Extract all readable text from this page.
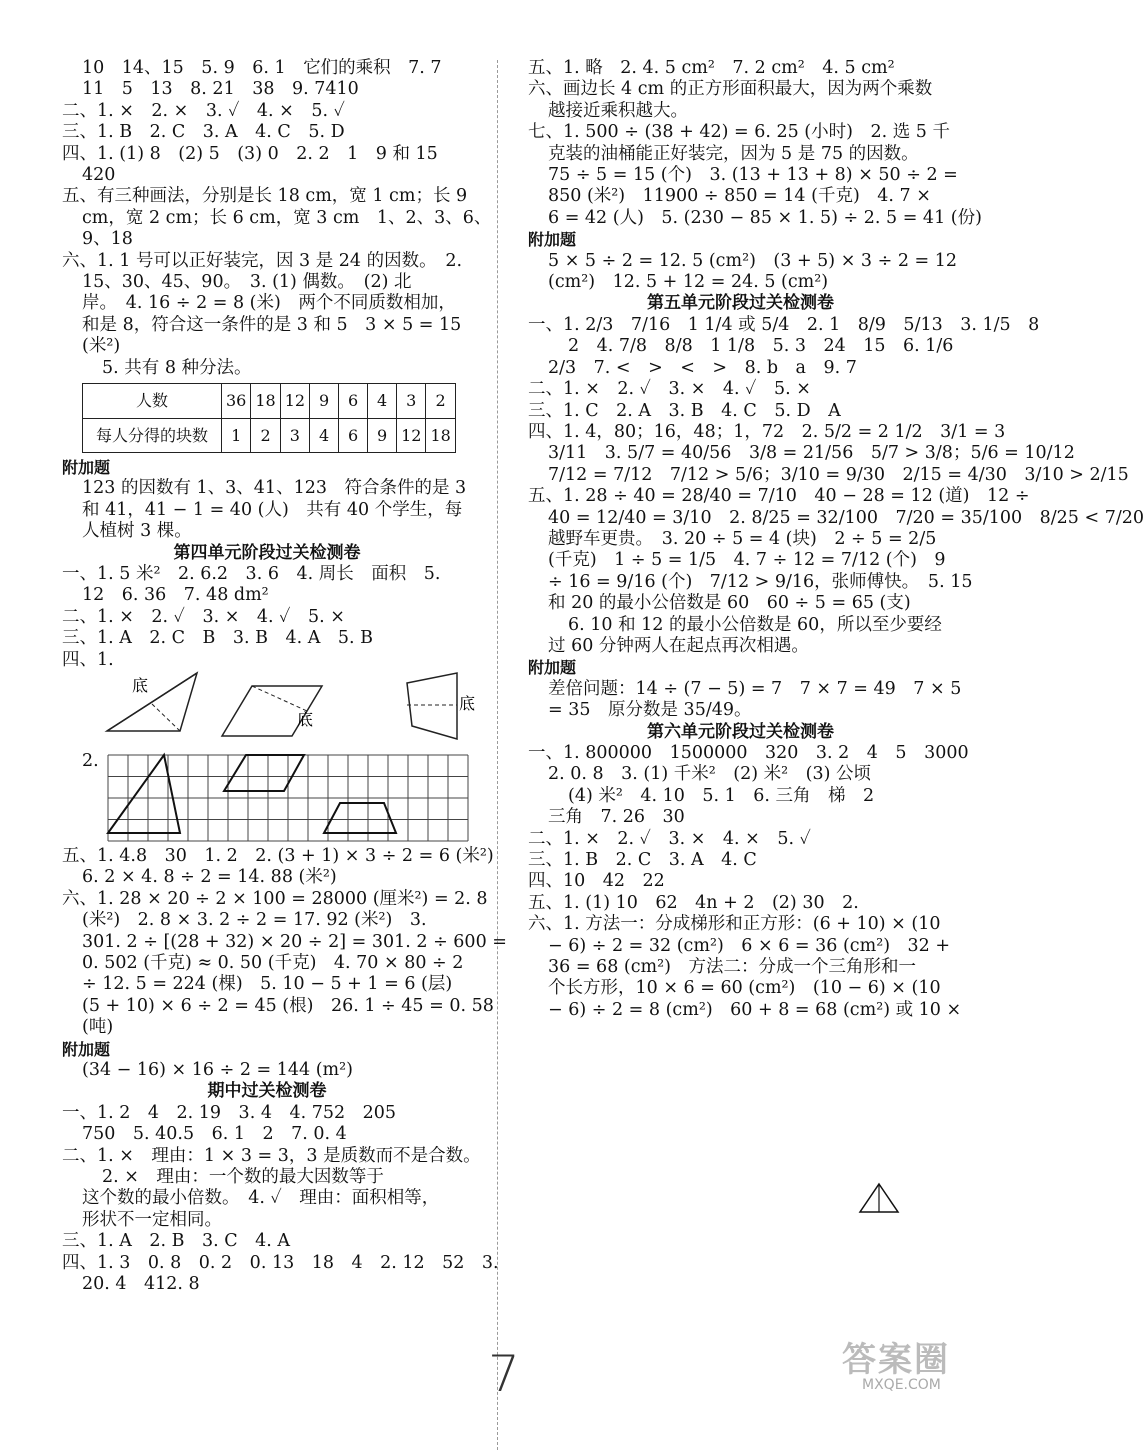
10　14、15　5. 9　6. 1　它们的乘积　7. 7
11　5　13　8. 21　38　9. 7410
二、1. ×　2. ×　3. ✓　4. ×　5. ✓
三、1. B　2. C　3. A　4. C　5. D
四、1. (1) 8　(2) 5　(3) 0　2. 2　1　9 和 15
420
五、有三种画法，分别是长 18 cm，宽 1 cm；长 9
cm，宽 2 cm；长 6 cm，宽 3 cm　1、2、3、6、
9、18
六、1. 1 号可以正好装完，因 3 是 24 的因数。　2.
15、30、45、90。　3. (1) 偶数。　(2) 北
岸。　4. 16 ÷ 2 = 8 (米)　两个不同质数相加，
和是 8，符合这一条件的是 3 和 5　3 × 5 = 15
(米²)
5. 共有 8 种分法。
人数	36	18	12	9	6	4	3	2
每人分得的块数	1	2	3	4	6	9	12	18
附加题
123 的因数有 1、3、41、123　符合条件的是 3
和 41，41 − 1 = 40 (人)　共有 40 个学生，每
人植树 3 棵。
第四单元阶段过关检测卷
一、1. 5 米²　2. 6.2　3. 6　4. 周长　面积　5.
12　6. 36　7. 48 dm²
二、1. ×　2. ✓　3. ×　4. ✓　5. ×
三、1. A　2. C　B　3. B　4. A　5. B
四、1.
底
底
底
2.
五、1. 4.8　30　1. 2　2. (3 + 1) × 3 ÷ 2 = 6 (米²)
6. 2 × 4. 8 ÷ 2 = 14. 88 (米²)
六、1. 28 × 20 ÷ 2 × 100 = 28000 (厘米²) = 2. 8
(米²)　2. 8 × 3. 2 ÷ 2 = 17. 92 (米²)　3.
301. 2 ÷ [(28 + 32) × 20 ÷ 2] = 301. 2 ÷ 600 =
0. 502 (千克) ≈ 0. 50 (千克)　4. 70 × 80 ÷ 2
÷ 12. 5 = 224 (棵)　5. 10 − 5 + 1 = 6 (层)
(5 + 10) × 6 ÷ 2 = 45 (根)　26. 1 ÷ 45 = 0. 58
(吨)
附加题
(34 − 16) × 16 ÷ 2 = 144 (m²)
期中过关检测卷
一、1. 2　4　2. 19　3. 4　4. 752　205
750　5. 40.5　6. 1　2　7. 0. 4
二、1. ×　理由：1 × 3 = 3，3 是质数而不是合数。
2. ×　理由：一个数的最大因数等于
这个数的最小倍数。　4. ✓　理由：面积相等，
形状不一定相同。
三、1. A　2. B　3. C　4. A
四、1. 3　0. 8　0. 2　0. 13　18　4　2. 12　52　3.
20. 4　412. 8
五、1. 略　2. 4. 5 cm²　7. 2 cm²　4. 5 cm²
六、画边长 4 cm 的正方形面积最大，因为两个乘数
越接近乘积越大。
七、1. 500 ÷ (38 + 42) = 6. 25 (小时)　2. 选 5 千
克装的油桶能正好装完，因为 5 是 75 的因数。
75 ÷ 5 = 15 (个)　3. (13 + 13 + 8) × 50 ÷ 2 =
850 (米²)　11900 ÷ 850 = 14 (千克)　4. 7 ×
6 = 42 (人)　5. (230 − 85 × 1. 5) ÷ 2. 5 = 41 (份)
附加题
5 × 5 ÷ 2 = 12. 5 (cm²)　(3 + 5) × 3 ÷ 2 = 12
(cm²)　12. 5 + 12 = 24. 5 (cm²)
第五单元阶段过关检测卷
一、1. 2/3　7/16　1 1/4 或 5/4　2. 1　8/9　5/13　3. 1/5　8
2　4. 7/8　8/8　1 1/8　5. 3　24　15　6. 1/6
2/3　7. <　>　<　>　8. b　a　9. 7
二、1. ×　2. ✓　3. ×　4. ✓　5. ×
三、1. C　2. A　3. B　4. C　5. D　A
四、1. 4，80；16，48；1，72　2. 5/2 = 2 1/2　3/1 = 3
3/11　3. 5/7 = 40/56　3/8 = 21/56　5/7 > 3/8；5/6 = 10/12
7/12 = 7/12　7/12 > 5/6；3/10 = 9/30　2/15 = 4/30　3/10 > 2/15
五、1. 28 ÷ 40 = 28/40 = 7/10　40 − 28 = 12 (道)　12 ÷
40 = 12/40 = 3/10　2. 8/25 = 32/100　7/20 = 35/100　8/25 < 7/20
越野车更贵。　3. 20 ÷ 5 = 4 (块)　2 ÷ 5 = 2/5
(千克)　1 ÷ 5 = 1/5　4. 7 ÷ 12 = 7/12 (个)　9
÷ 16 = 9/16 (个)　7/12 > 9/16，张师傅快。　5. 15
和 20 的最小公倍数是 60　60 ÷ 5 = 65 (支)
6. 10 和 12 的最小公倍数是 60，所以至少要经
过 60 分钟两人在起点再次相遇。
附加题
差倍问题：14 ÷ (7 − 5) = 7　7 × 7 = 49　7 × 5
= 35　原分数是 35/49。
第六单元阶段过关检测卷
一、1. 800000　1500000　320　3. 2　4　5　3000
2. 0. 8　3. (1) 千米²　(2) 米²　(3) 公顷
(4) 米²　4. 10　5. 1　6. 三角　梯　2
三角　7. 26　30
二、1. ×　2. ✓　3. ×　4. ×　5. ✓
三、1. B　2. C　3. A　4. C
四、10　42　22
五、1. (1) 10　62　4n + 2　(2) 30　2.
六、1. 方法一：分成梯形和正方形：(6 + 10) × (10
− 6) ÷ 2 = 32 (cm²)　6 × 6 = 36 (cm²)　32 +
36 = 68 (cm²)　方法二：分成一个三角形和一
个长方形，10 × 6 = 60 (cm²)　(10 − 6) × (10
− 6) ÷ 2 = 8 (cm²)　60 + 8 = 68 (cm²) 或 10 ×
7	答案圈
MXQE.COM
